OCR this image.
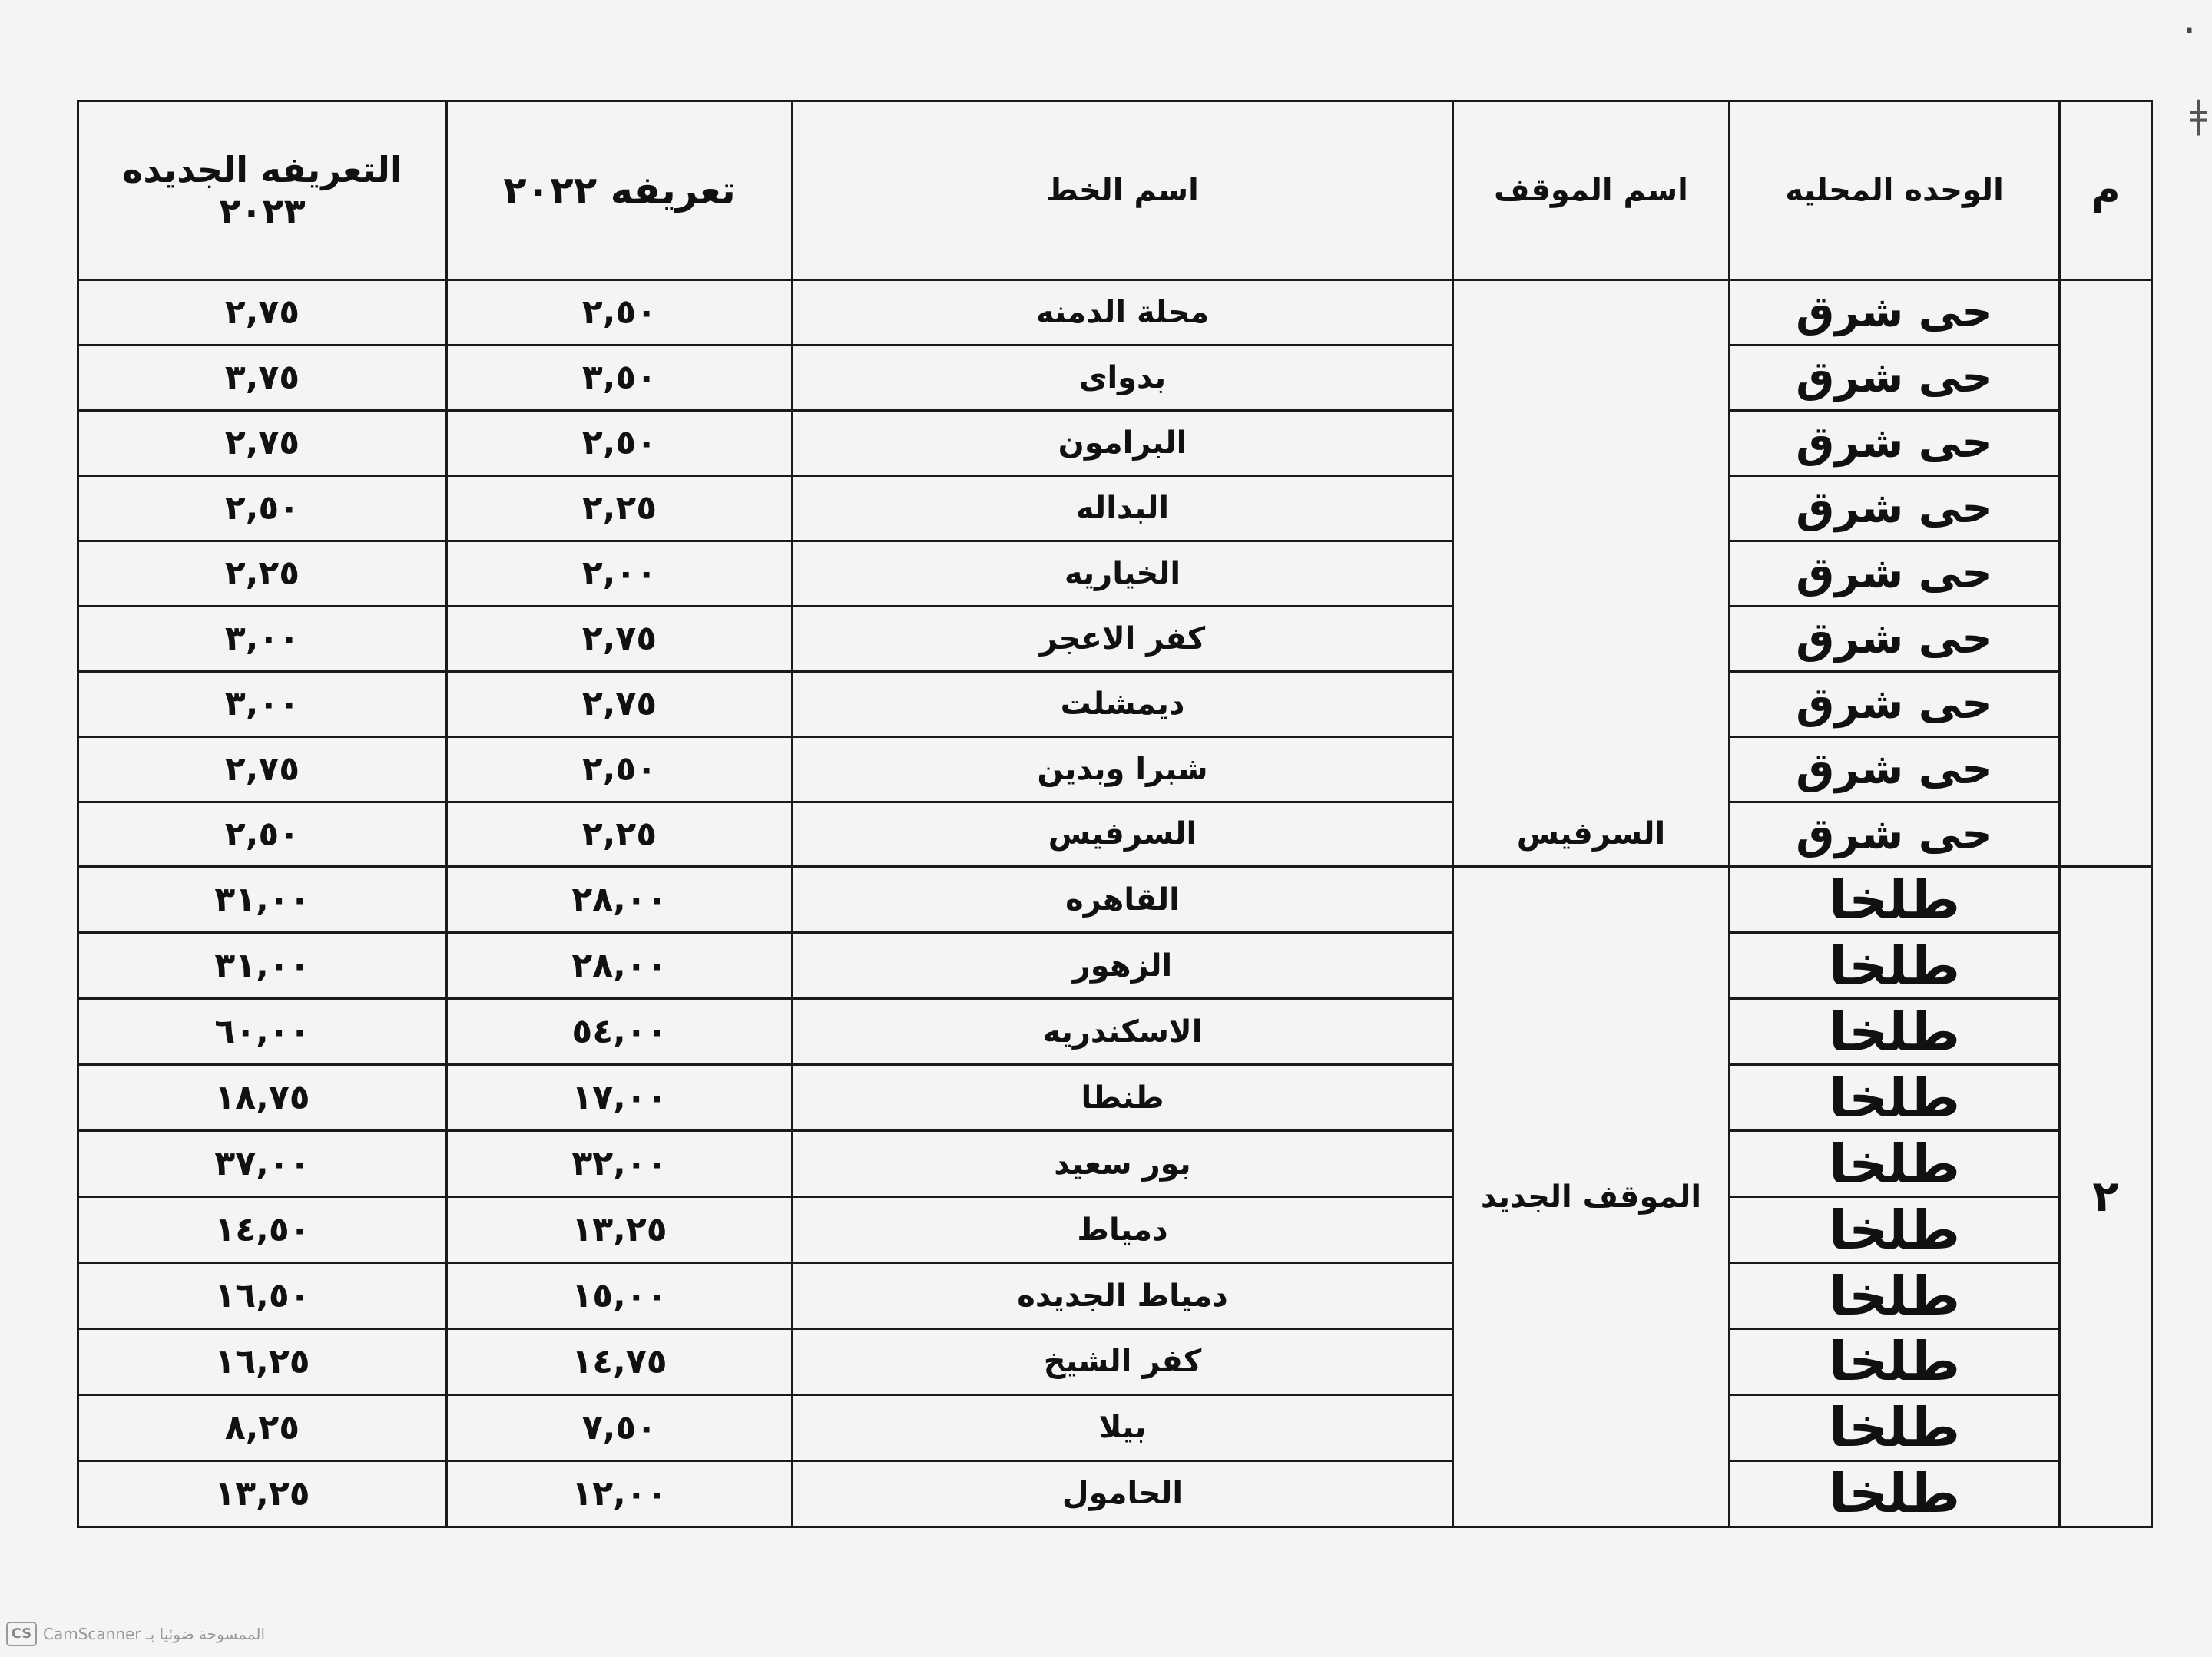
·
ǂ
م	الوحده المحليه	اسم الموقف	اسم الخط	تعريفه ٢٠٢٢	التعريفه الجديده ٢٠٢٣
	حى شرق	السرفيس	محلة الدمنه	٢,٥٠	٢,٧٥
	حى شرق		بدواى	٣,٥٠	٣,٧٥
	حى شرق		البرامون	٢,٥٠	٢,٧٥
	حى شرق		البداله	٢,٢٥	٢,٥٠
	حى شرق		الخياريه	٢,٠٠	٢,٢٥
	حى شرق		كفر الاعجر	٢,٧٥	٣,٠٠
	حى شرق		ديمشلت	٢,٧٥	٣,٠٠
	حى شرق		شبرا وبدين	٢,٥٠	٢,٧٥
	حى شرق		السرفيس	٢,٢٥	٢,٥٠
٢	طلخا	الموقف الجديد	القاهره	٢٨,٠٠	٣١,٠٠
	طلخا		الزهور	٢٨,٠٠	٣١,٠٠
	طلخا		الاسكندريه	٥٤,٠٠	٦٠,٠٠
	طلخا		طنطا	١٧,٠٠	١٨,٧٥
	طلخا		بور سعيد	٣٢,٠٠	٣٧,٠٠
	طلخا		دمياط	١٣,٢٥	١٤,٥٠
	طلخا		دمياط الجديده	١٥,٠٠	١٦,٥٠
	طلخا		كفر الشيخ	١٤,٧٥	١٦,٢٥
	طلخا		بيلا	٧,٥٠	٨,٢٥
	طلخا		الحامول	١٢,٠٠	١٣,٢٥
CS CamScanner الممسوحة ضوئيا بـ
